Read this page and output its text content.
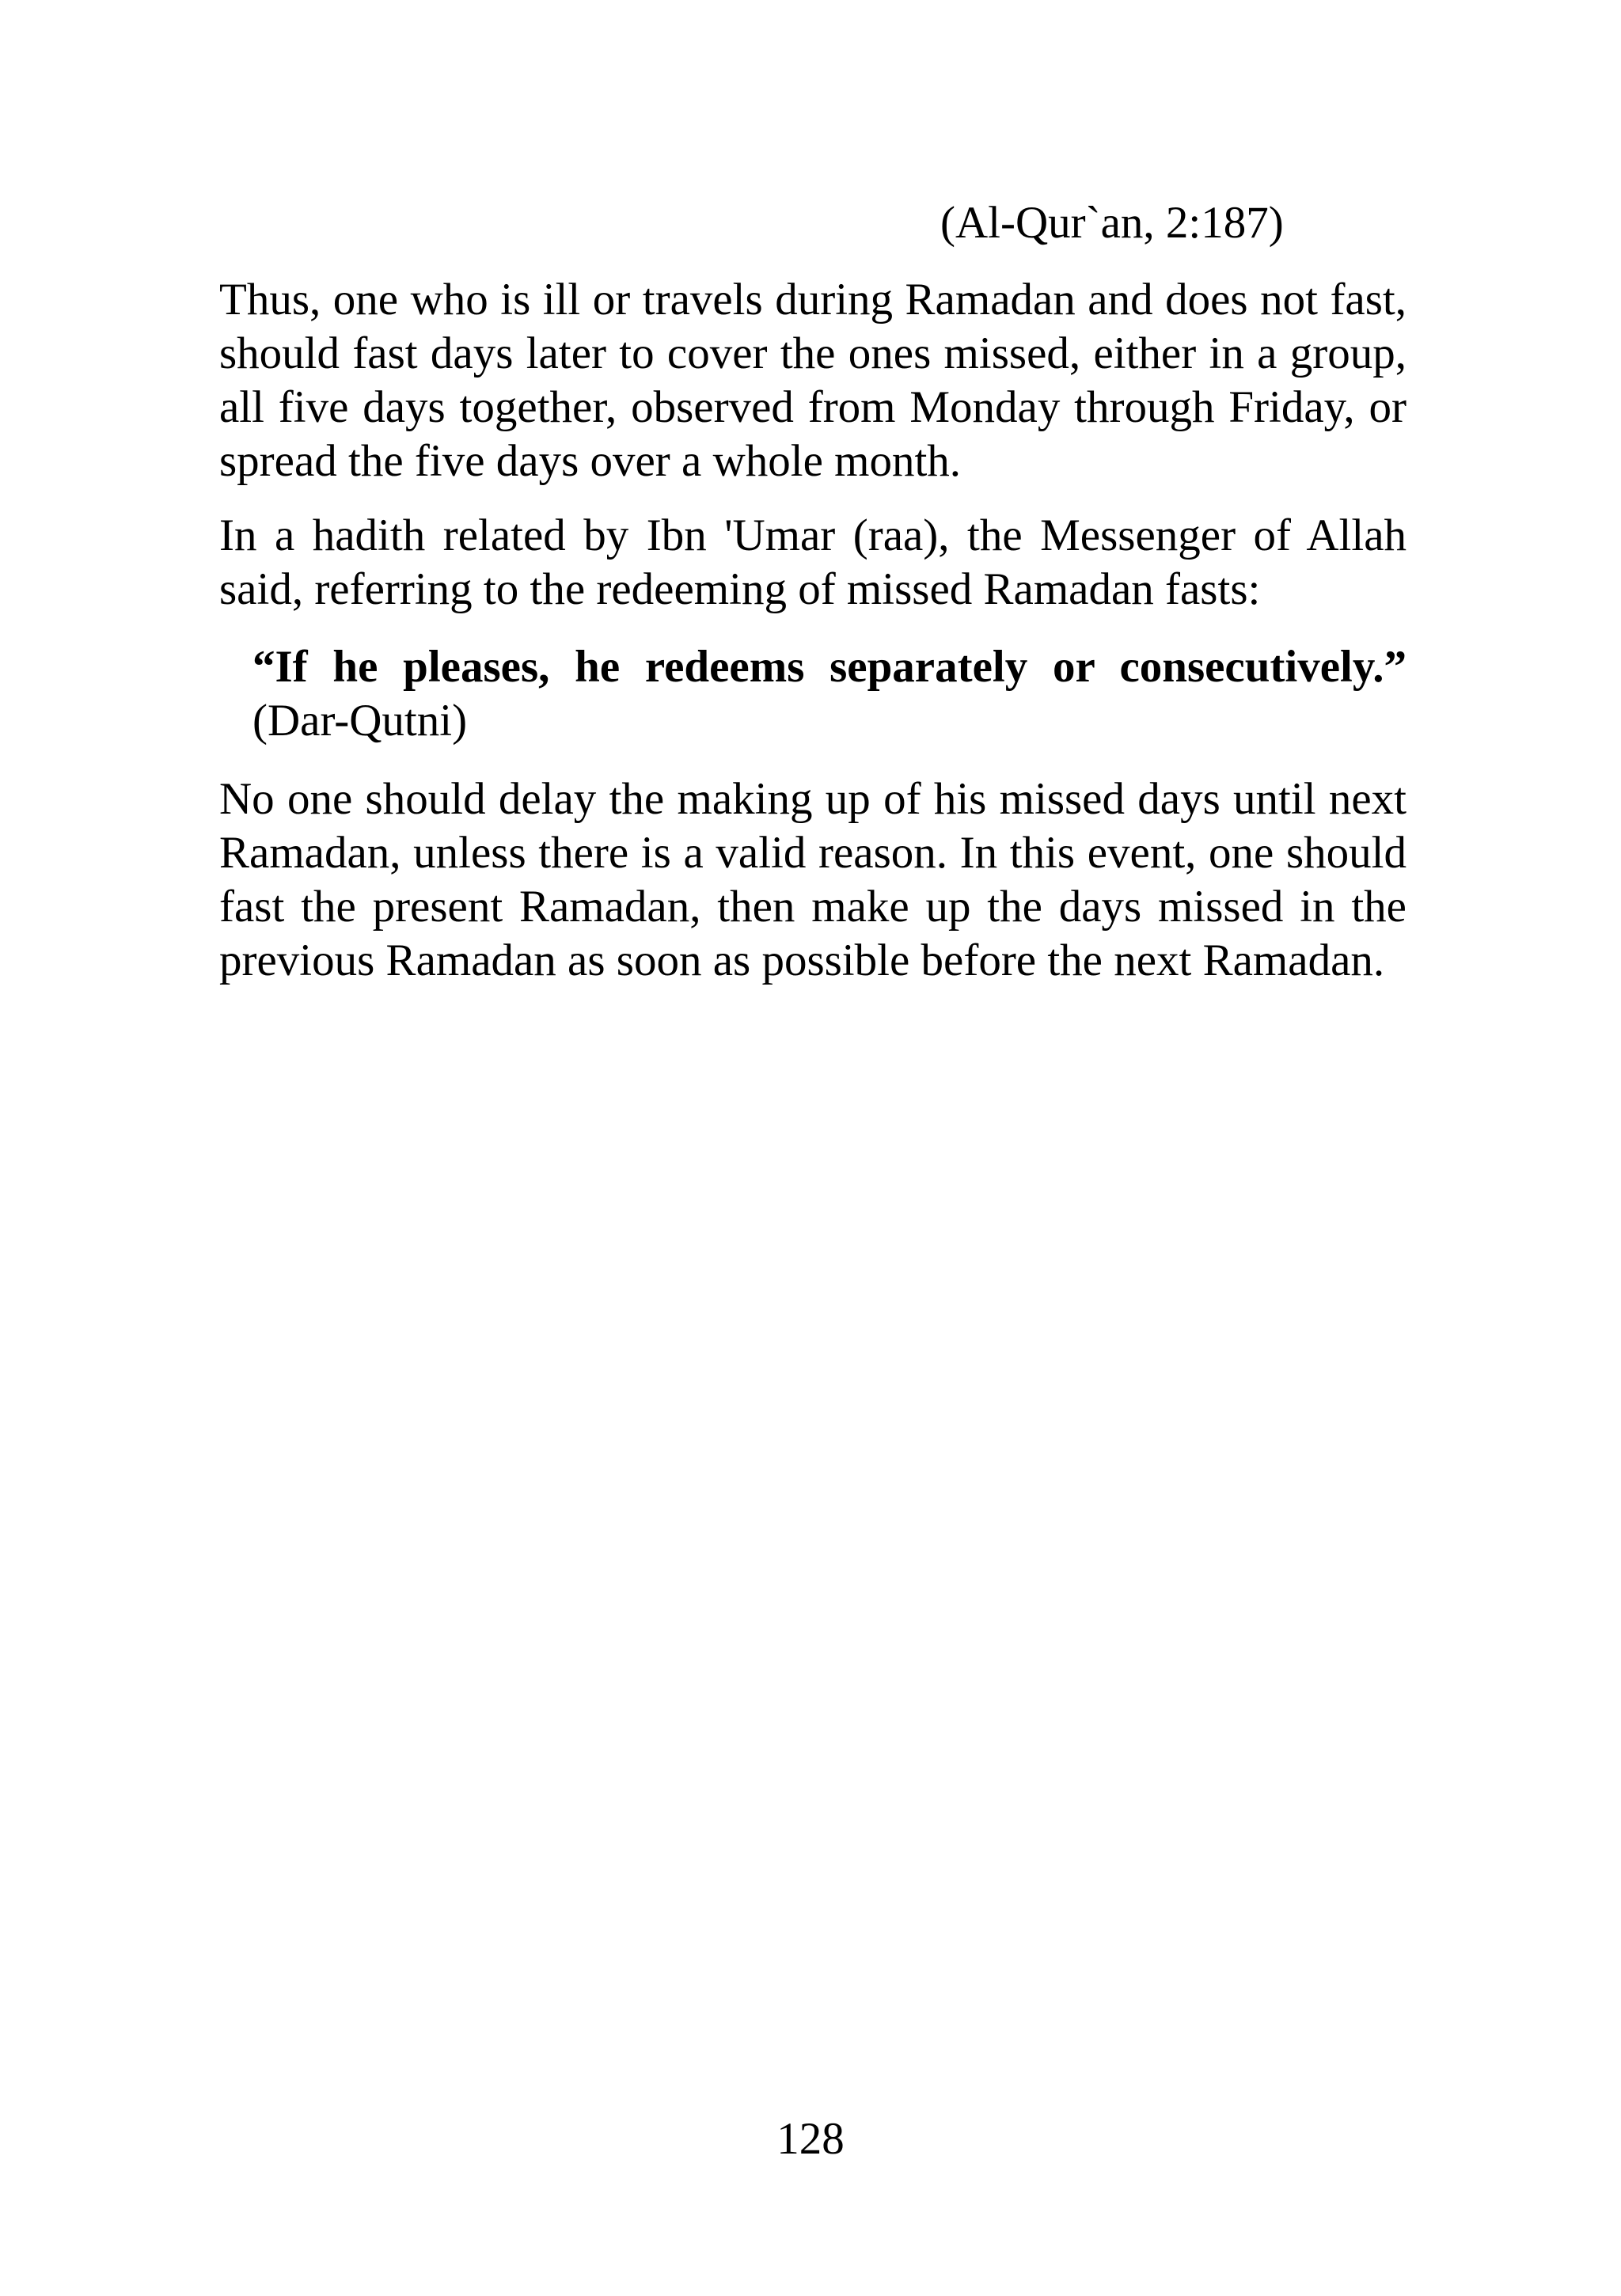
(Al-Qur`an, 2:187)

Thus, one who is ill or travels during Ramadan and does not fast, should fast days later to cover the ones missed, either in a group, all five days together, observed from Monday through Friday, or spread the five days over a whole month.

In a hadith related by Ibn 'Umar (raa), the Messenger of Allah said, referring to the redeeming of missed Ramadan fasts:

“If he pleases, he redeems separately or consecutively.”
(Dar-Qutni)

No one should delay the making up of his missed days until next Ramadan, unless there is a valid reason. In this event, one should fast the present Ramadan, then make up the days missed in the previous Ramadan as soon as possible before the next Ramadan.

128
